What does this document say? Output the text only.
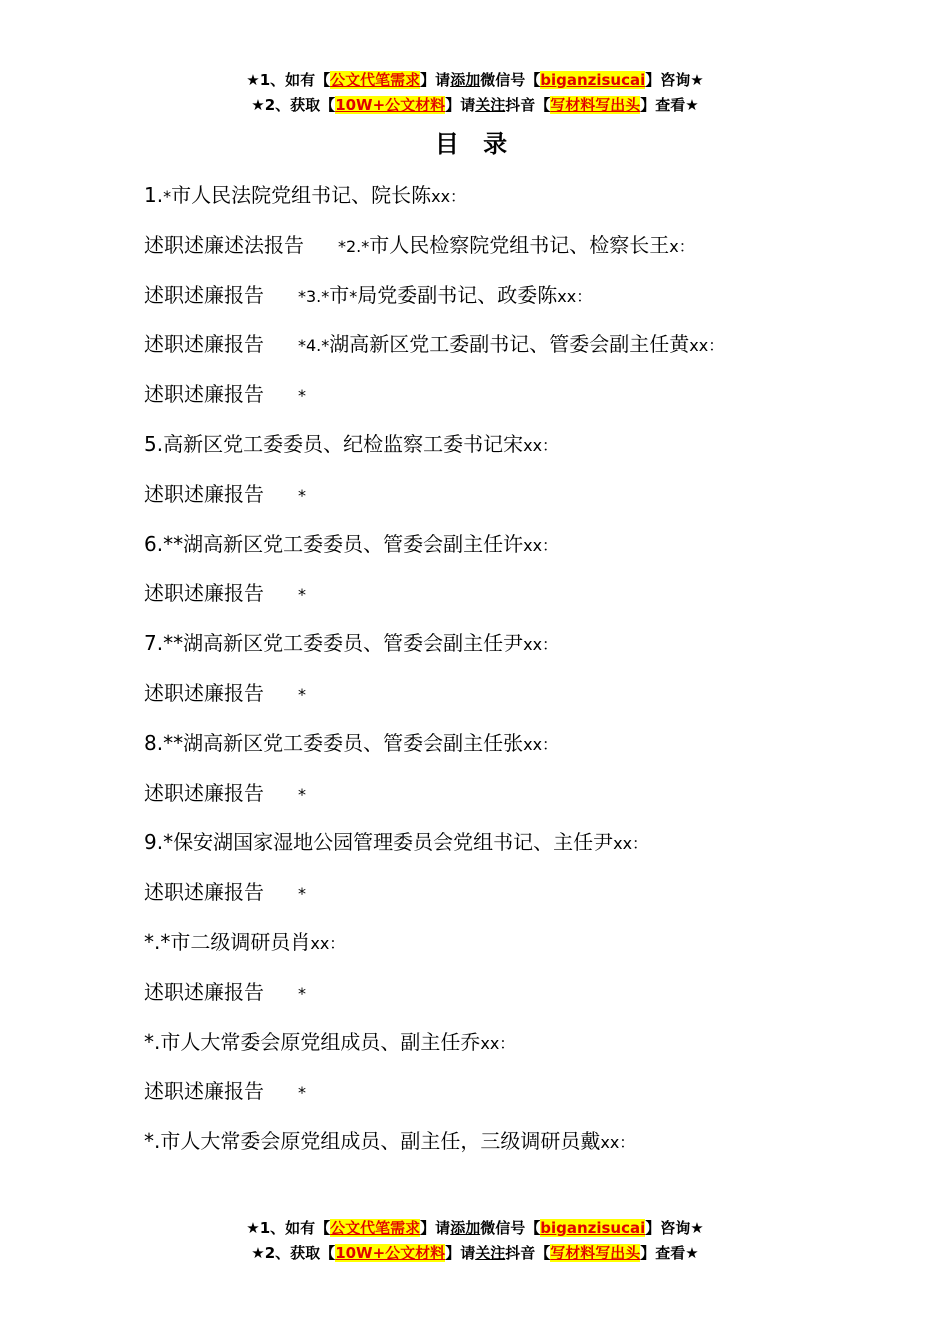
★1、如有【公文代笔需求】请添加微信号【biganzisucai】咨询★
★2、获取【10W+公文材料】请关注抖音【写材料写出头】查看★
目 录
1.*市人民法院党组书记、院长陈xx：
述职述廉述法报告 *2.*市人民检察院党组书记、检察长王x：
述职述廉报告 *3.*市*局党委副书记、政委陈xx：
述职述廉报告 *4.*湖高新区党工委副书记、管委会副主任黄xx：
述职述廉报告 *
5.高新区党工委委员、纪检监察工委书记宋xx：
述职述廉报告 *
6.**湖高新区党工委委员、管委会副主任许xx：
述职述廉报告 *
7.**湖高新区党工委委员、管委会副主任尹xx：
述职述廉报告 *
8.**湖高新区党工委委员、管委会副主任张xx：
述职述廉报告 *
9.*保安湖国家湿地公园管理委员会党组书记、主任尹xx：
述职述廉报告 *
*.*市二级调研员肖xx：
述职述廉报告 *
*.市人大常委会原党组成员、副主任乔xx：
述职述廉报告 *
*.市人大常委会原党组成员、副主任，三级调研员戴xx：
★1、如有【公文代笔需求】请添加微信号【biganzisucai】咨询★
★2、获取【10W+公文材料】请关注抖音【写材料写出头】查看★
